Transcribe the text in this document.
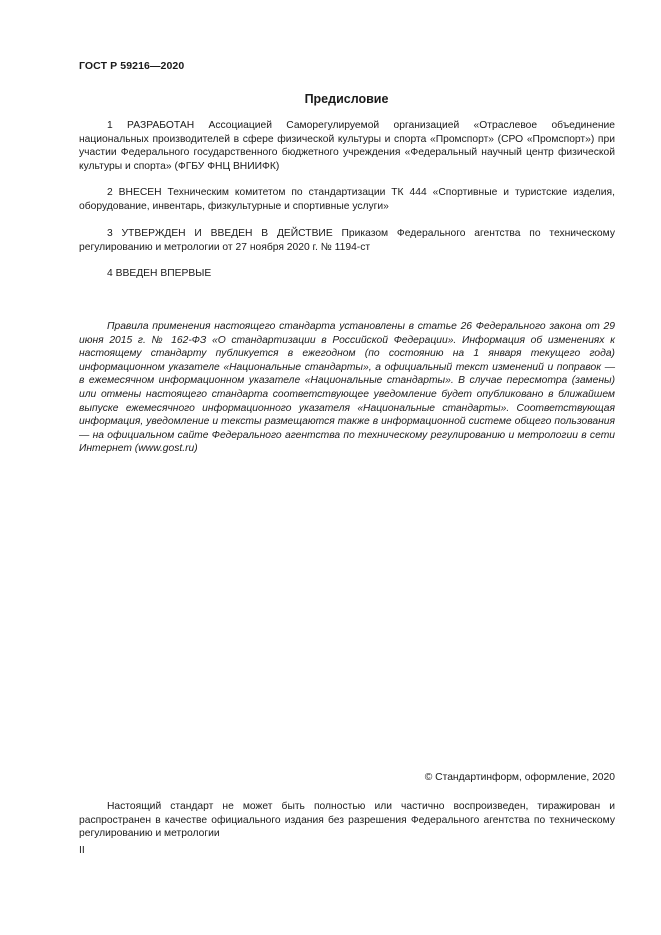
ГОСТ Р 59216—2020
Предисловие

1 РАЗРАБОТАН Ассоциацией Саморегулируемой организацией «Отраслевое объединение национальных производителей в сфере физической культуры и спорта «Промспорт» (СРО «Промспорт») при участии Федерального государственного бюджетного учреждения «Федеральный научный центр физической культуры и спорта» (ФГБУ ФНЦ ВНИИФК)

2 ВНЕСЕН Техническим комитетом по стандартизации ТК 444 «Спортивные и туристские изделия, оборудование, инвентарь, физкультурные и спортивные услуги»

3 УТВЕРЖДЕН И ВВЕДЕН В ДЕЙСТВИЕ Приказом Федерального агентства по техническому регулированию и метрологии от 27 ноября 2020 г. № 1194-ст

4 ВВЕДЕН ВПЕРВЫЕ

Правила применения настоящего стандарта установлены в статье 26 Федерального закона от 29 июня 2015 г. № 162-ФЗ «О стандартизации в Российской Федерации». Информация об изменениях к настоящему стандарту публикуется в ежегодном (по состоянию на 1 января текущего года) информационном указателе «Национальные стандарты», а официальный текст изменений и поправок — в ежемесячном информационном указателе «Национальные стандарты». В случае пересмотра (замены) или отмены настоящего стандарта соответствующее уведомление будет опубликовано в ближайшем выпуске ежемесячного информационного указателя «Национальные стандарты». Соответствующая информация, уведомление и тексты размещаются также в информационной системе общего пользования — на официальном сайте Федерального агентства по техническому регулированию и метрологии в сети Интернет (www.gost.ru)

© Стандартинформ, оформление, 2020

Настоящий стандарт не может быть полностью или частично воспроизведен, тиражирован и распространен в качестве официального издания без разрешения Федерального агентства по техническому регулированию и метрологии

II
